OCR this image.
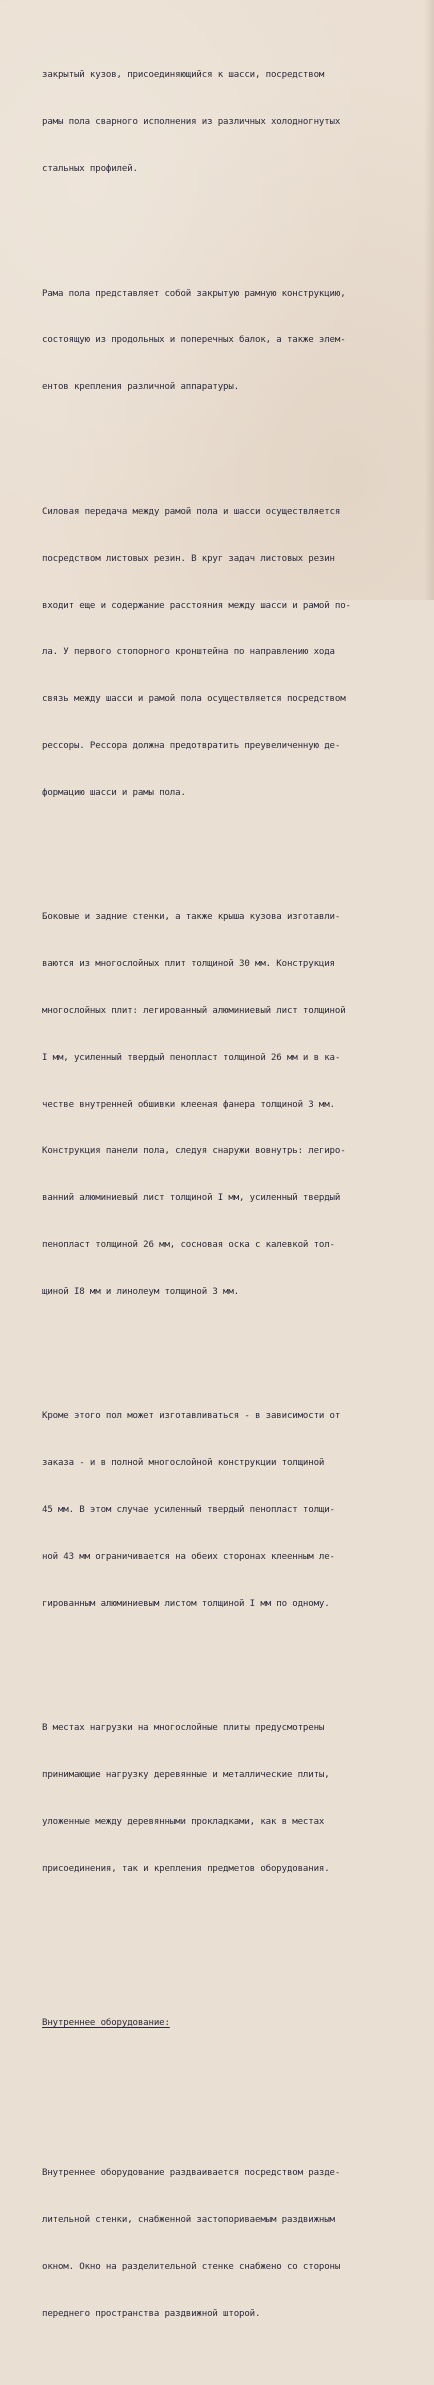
закрытый кузов, присоединяющийся к шасси, посредством

рамы пола сварного исполнения из различных холодногнутых

стальных профилей.

Рама пола представляет собой закрытую рамную конструкцию,

состоящую из продольных и поперечных балок, а также элем-

ентов крепления различной аппаратуры.

Силовая передача между рамой пола и шасси осуществляется

посредством листовых резин. В круг задач листовых резин

входит еще и содержание расстояния между шасси и рамой по-

ла. У первого стопорного кронштейна по направлению хода

связь между шасси и рамой пола осуществляется посредством

рессоры. Рессора должна предотвратить преувеличенную де-

формацию шасси и рамы пола.

Боковые и задние стенки, а также крыша кузова изготавли-

ваются из многослойных плит толщиной 30 мм. Конструкция

многослойных плит: легированный алюминиевый лист толщиной

I мм, усиленный твердый пенопласт толщиной 26 мм и в ка-

честве внутренней обшивки клееная фанера толщиной 3 мм.

Конструкция панели пола, следуя снаружи вовнутрь: легиро-

ванний алюминиевый лист толщиной I мм, усиленный твердый

пенопласт толщиной 26 мм, сосновая оска с кaлевкой тол-

щиной I8 мм и линолеум толщиной 3 мм.

Кроме этого пол может изготавливаться - в зависимости от

заказа - и в полной многослойной конструкции толщиной

45 мм. В этом случае усиленный твердый пенопласт толщи-

ной 43 мм ограничивается на обеих сторонах клеенным ле-

гированным алюминиевым листом толщиной I мм по одному.

В местах нагрузки на многослойные плиты предусмотрены

принимающие нагрузку деревянные и металлические плиты,

уложенные между деревянными прокладками, как в местах

присоединения, так и крепления предметов оборудования.

Внутреннее оборудование:

Внутреннее оборудование раздваивается посредством разде-

лительной стенки, снабженной застопориваемым раздвижным

окном. Окно на разделительной стенке снабжено со стороны

переднего пространства раздвижной шторой.
